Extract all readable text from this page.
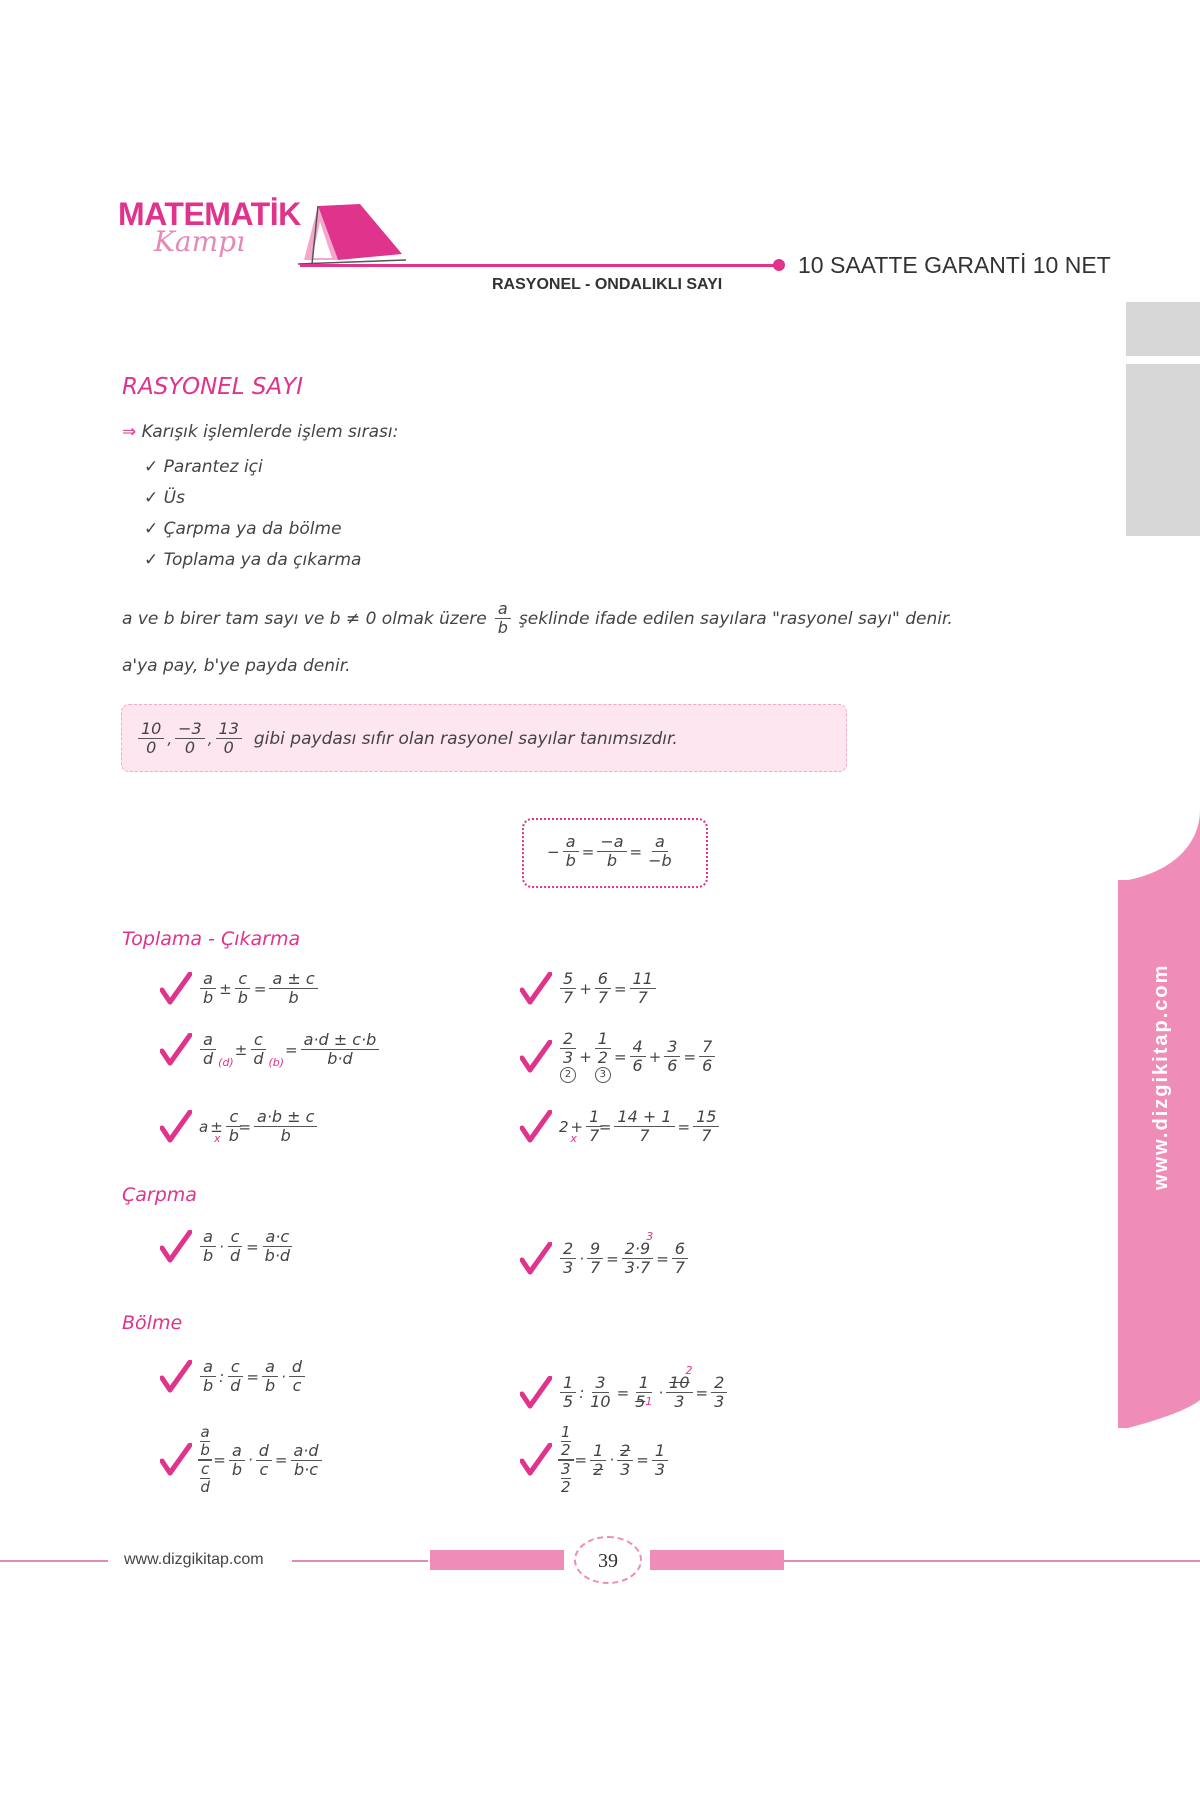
MATEMATİK
Kampı
10 SAATTE GARANTİ 10 NET
RASYONEL - ONDALIKLI SAYI
www.dizgikitap.com
RASYONEL SAYI
⇒ Karışık işlemlerde işlem sırası:
✓ Parantez içi
✓ Üs
✓ Çarpma ya da bölme
✓ Toplama ya da çıkarma
a ve b birer tam sayı ve b ≠ 0 olmak üzere a
b şeklinde ifade edilen sayılara "rasyonel sayı" denir.
a'ya pay, b'ye payda denir.
10
0 ,
−3
0 ,
13
0 gibi paydası sıfır olan rasyonel sayılar tanımsızdır.
− $\frac{a}{b} = \frac{-a}{b} = \frac{a}{-b}$
Toplama - Çıkarma
a
$b \pm \frac{c}{b} = \frac{a \pm c}{b}$
a
d (d)
± $\frac{c}{d} (b)$
= $\frac{a\cdot d \pm c\cdot b}{b\cdot d}$
$a \pm \frac{c}{b}$
x
= $\frac{a\cdot b \pm c}{b}$
5
$7 + \frac{6}{7} = \frac{11}{7}$
2
3
2
+
1
2
3
= $\frac{4}{6} + \frac{3}{6} = \frac{7}{6}$
$2 + \frac{1}{7}$
x
= $\frac{14 + 1}{7} = \frac{15}{7}$
Çarpma
a
$b \cdot \frac{c}{d} = \frac{a\cdot c}{b\cdot d}$	2
$3 \cdot \frac{9}{7}$ =
3
2·9
$3\cdot 7 = \frac{6}{7}$
Bölme
a
b : $\frac{c}{d} = \frac{a}{b}$ ·
d
c	1
5 : $\frac{3}{10} = \frac{1}{5^1}$ ·
2
10
$3 = \frac{2}{3}$
a
b
c
d
= $\frac{a}{b} \cdot \frac{d}{c} = \frac{a\cdot d}{b\cdot c}$
1
2
3
2
= $\frac{1}{2} \cdot \frac{2}{3} = \frac{1}{3}$
www.dizgikitap.com	39
